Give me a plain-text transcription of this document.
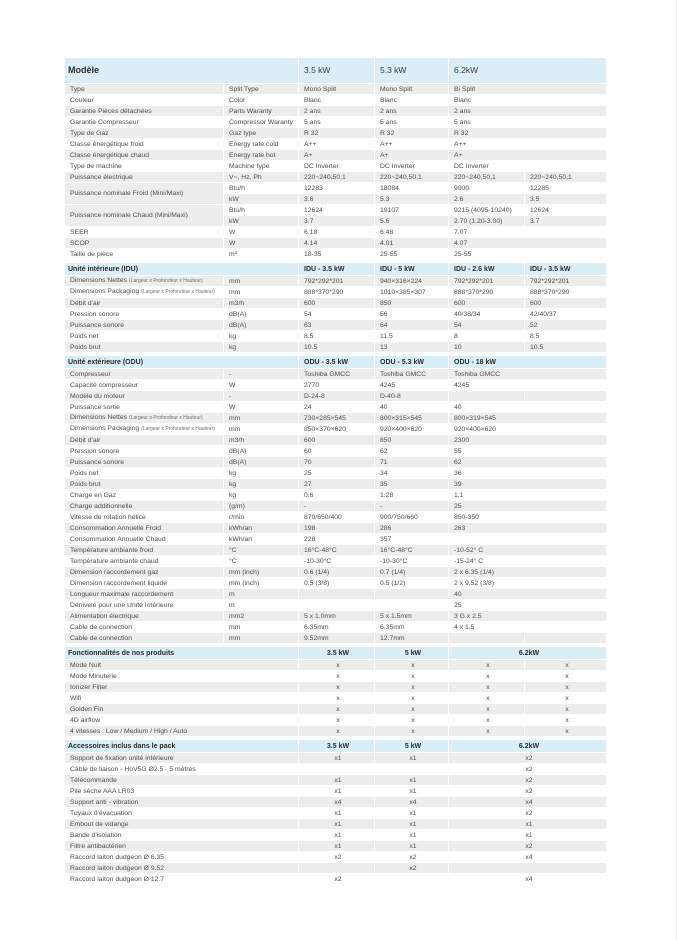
Modèle		3.5 kW	5.3 kW	6.2kW	
Type	Split Type	Mono Split	Mono Split	Bi Split	
Couleur	Color	Blanc	Blanc	Blanc	
Garantie Pièces détachées	Parts Waranty	2 ans	2 ans	2 ans	
Garantie Compresseur	Compressor Waranty	5 ans	5 ans	5 ans	
Type de Gaz	Gaz type	R 32	R 32	R 32	
Classe énergétique froid	Energy rate cold	A++	A++	A++	
Classe énergétique chaud	Energy rate hot	A+	A+	A+	
Type de machine	Machine type	DC Inverter	DC Inverter	DC Inverter	
Puissance électrique	V~, Hz, Ph	220~240,50,1	220~240,50,1	220~240,50,1	220~240,50,1
Puissance nominale Froid (Mini/Maxi)	Btu/h	12283	18084	9000	12285
	kW	3.6	5.3	2.6	3.5
Puissance nominale Chaud (Mini/Maxi)	Btu/h	12624	19107	9215 (4095-10240)	12624
	kW	3.7	5.6	2.70 (1.20-3.00)	3.7
SEER	W	6.18	6.48	7.07	
SCOP	W	4.14	4.01	4.07	
Taille de pièce	m²	18-35	25-55	25-55	
Unité intérieure (IDU)		IDU - 3.5 kW	IDU - 5 kW	IDU - 2.6 kW	IDU - 3.5 kW
Dimensions Nettes (Largeur x Profondeur x Hauteur)	mm	792*292*201	940×316×224	792*292*201	792*292*201
Dimensions Packaging (Largeur x Profondeur x Hauteur)	mm	888*370*290	1010×385×307	888*370*290	888*370*290
Débit d'air	m3/h	600	850	600	600
Pression sonore	dB(A)	54	56	40/38/34	42/40/37
Puissance sonore	dB(A)	63	64	54	52
Poids net	kg	8.5	11.5	8	8.5
Poids brut	kg	10.5	13	10	10.5
Unité extérieure (ODU)		ODU - 3.5 kW	ODU - 5.3 kW	ODU - 18 kW	
Compresseur	-	Toshiba GMCC	Toshiba GMCC	Toshiba GMCC	
Capacité compresseur	W	2770	4245	4245	
Modèle du moteur	-	D-24-8	D-40-8		
Puissance sortie	W	24	40	40	
Dimensions Nettes (Largeur x Profondeur x Hauteur)	mm	730×285×545	800×315×545	800×319×545	
Dimensions Packaging (Largeur x Profondeur x Hauteur)	mm	850×370×620	920×400×620	920×400×620	
Débit d'air	m3/h	600	850	2300	
Pression sonore	dB(A)	60	62	55	
Puissance sonore	dB(A)	70	71	62	
Poids net	kg	25	34	36	
Poids brut	kg	27	35	39	
Charge en Gaz	kg	0.6	1.28	1.1	
Charge additionnelle	(g/m)	-	-	25	
Vitesse de rotation hélice	r/min	870/650/400	900/750/660	850-350	
Consommation Annuelle Froid	kWh/an	198	286	263	
Consommation Annuelle Chaud	kWh/an	228	357		
Température ambiante froid	°C	16°C-48°C	16°C-48°C	-10-52° C	
Température ambiante chaud	°C	-10-30°C	-10-30°C	-15-24° C	
Dimension raccordement gaz	mm (inch)	0.6 (1/4)	0.7 (1/4)	2 x 6.35 (1/4)	
Dimension raccordement liquide	mm (inch)	0.5 (3/8)	0.5 (1/2)	2 x 9.52 (3/8)	
Longueur maximale raccordement	m			40	
Dénivelé pour une Unité Intérieure	m			25	
Alimentation électrique	mm2	5 x 1.0mm	5 x 1.5mm	3 G x 2.5	
Cable de connection	mm	6.35mm	6.35mm	4 x 1.5	
Cable de connection	mm	9.52mm	12.7mm		
Fonctionnalités de nos produits	3.5 kW	5 kW	6.2kW	
Mode Nuit	x	x	x	x
Mode Minuterie	x	x	x	x
Ionizer Filter	x	x	x	x
Wifi	x	x	x	x
Golden Fin	x	x	x	x
4D airflow	x	x	x	x
4 vitesses : Low / Medium / High / Auto	x	x	x	x
Accessoires inclus dans le pack		3.5 kW	5 kW	6.2kW
Support de fixation unité intérieure		x1	x1	x2
Câble de liaison - HoV5G Ø2.5 - 5 mètres				x2
Télécommande		x1	x1	x2
Pile sèche AAA LR03		x1	x1	x2
Support anti - vibration		x4	x4	x4
Tuyaux d'évacuation		x1	x1	x2
Embout de vidange		x1	x1	x1
Bande d'isolation		x1	x1	x1
Filtre antibactérien		x1	x1	x2
Raccord laiton dudgeon Ø 6.35		x2	x2	x4
Raccord laiton dudgeon Ø 9.52			x2	
Raccord laiton dudgeon Ø 12.7		x2		x4
